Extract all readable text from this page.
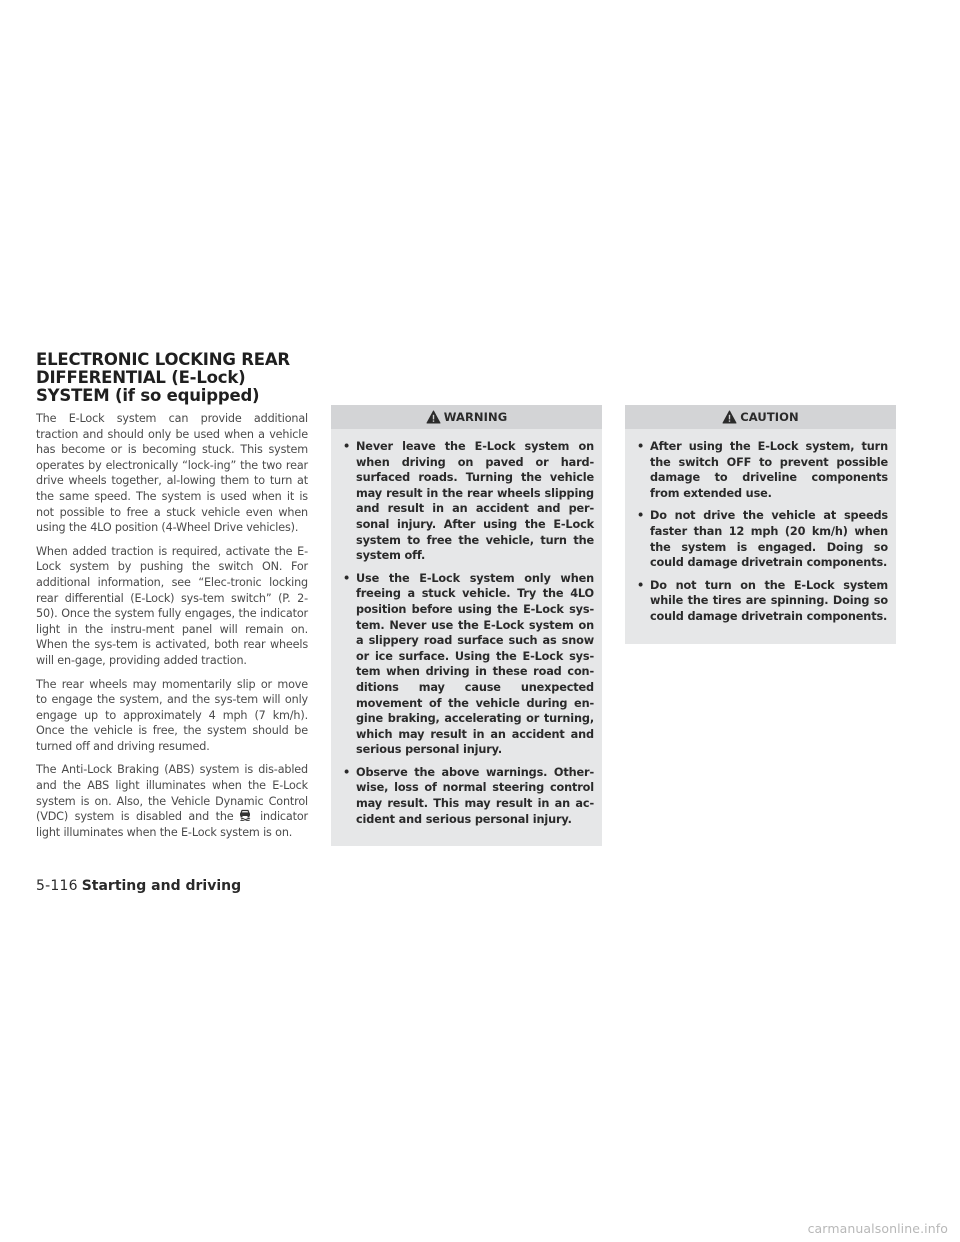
ELECTRONIC LOCKING REAR DIFFERENTIAL (E-Lock) SYSTEM (if so equipped)

The E-Lock system can provide additional traction and should only be used when a vehicle has become or is becoming stuck. This system operates by electronically “lock-ing” the two rear drive wheels together, al-lowing them to turn at the same speed. The system is used when it is not possible to free a stuck vehicle even when using the 4LO position (4-Wheel Drive vehicles).

When added traction is required, activate the E-Lock system by pushing the switch ON. For additional information, see “Elec-tronic locking rear differential (E-Lock) sys-tem switch” (P. 2-50). Once the system fully engages, the indicator light in the instru-ment panel will remain on. When the sys-tem is activated, both rear wheels will en-gage, providing added traction.

The rear wheels may momentarily slip or move to engage the system, and the sys-tem will only engage up to approximately 4 mph (7 km/h). Once the vehicle is free, the system should be turned off and driving resumed.

The Anti-Lock Braking (ABS) system is dis-abled and the ABS light illuminates when the E-Lock system is on. Also, the Vehicle Dynamic Control (VDC) system is disabled and the indicator light illuminates when the E-Lock system is on.

WARNING
• Never leave the E-Lock system on when driving on paved or hard-surfaced roads. Turning the vehicle may result in the rear wheels slipping and result in an accident and per-sonal injury. After using the E-Lock system to free the vehicle, turn the system off.
• Use the E-Lock system only when freeing a stuck vehicle. Try the 4LO position before using the E-Lock sys-tem. Never use the E-Lock system on a slippery road surface such as snow or ice surface. Using the E-Lock sys-tem when driving in these road con-ditions may cause unexpected movement of the vehicle during en-gine braking, accelerating or turning, which may result in an accident and serious personal injury.
• Observe the above warnings. Other-wise, loss of normal steering control may result. This may result in an ac-cident and serious personal injury.
CAUTION
• After using the E-Lock system, turn the switch OFF to prevent possible damage to driveline components from extended use.
• Do not drive the vehicle at speeds faster than 12 mph (20 km/h) when the system is engaged. Doing so could damage drivetrain components.
• Do not turn on the E-Lock system while the tires are spinning. Doing so could damage drivetrain components.
5-116 Starting and driving
carmanualsonline.info
